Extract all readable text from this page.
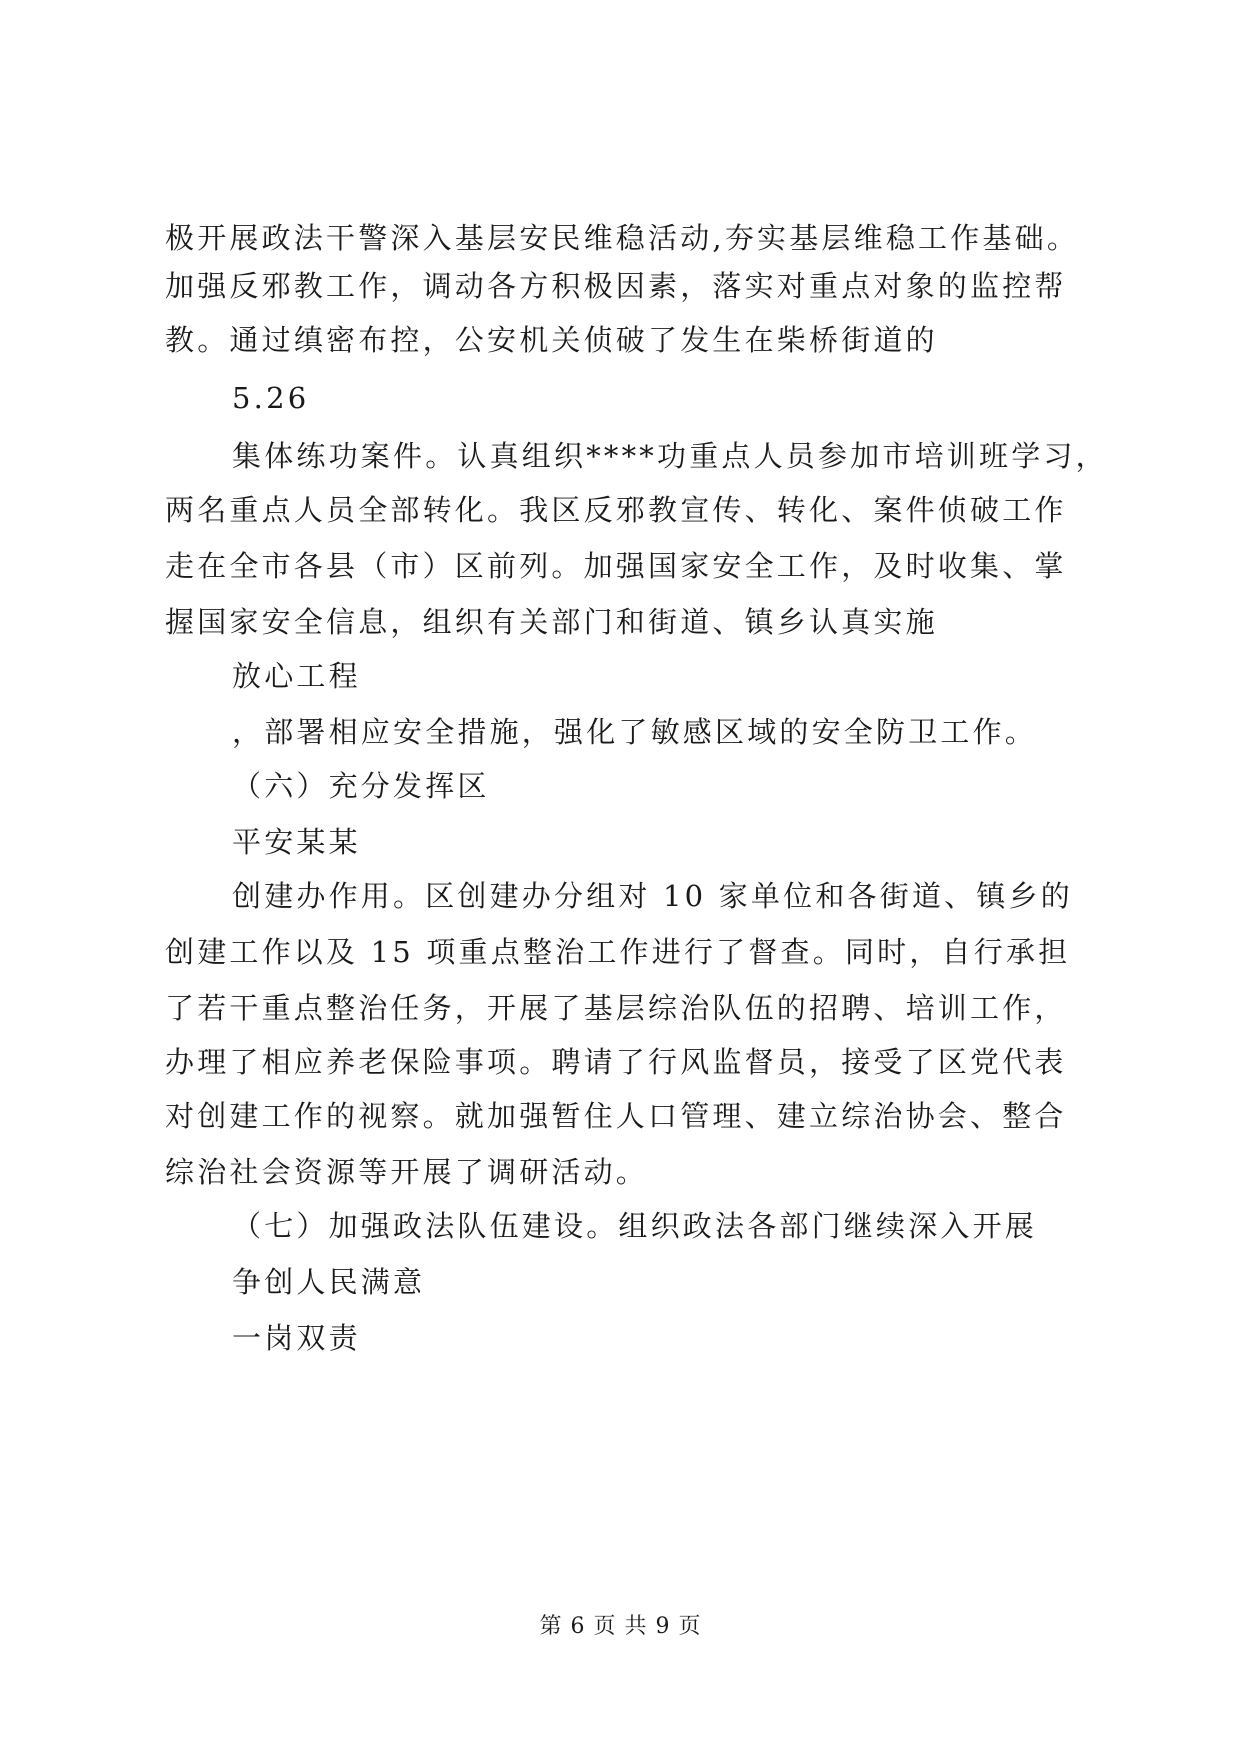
极开展政法干警深入基层安民维稳活动,夯实基层维稳工作基础。
加强反邪教工作，调动各方积极因素，落实对重点对象的监控帮
教。通过缜密布控，公安机关侦破了发生在柴桥街道的
5.26
集体练功案件。认真组织****功重点人员参加市培训班学习，
两名重点人员全部转化。我区反邪教宣传、转化、案件侦破工作
走在全市各县（市）区前列。加强国家安全工作，及时收集、掌
握国家安全信息，组织有关部门和街道、镇乡认真实施
放心工程
，部署相应安全措施，强化了敏感区域的安全防卫工作。
（六）充分发挥区
平安某某
创建办作用。区创建办分组对 10 家单位和各街道、镇乡的
创建工作以及 15 项重点整治工作进行了督查。同时，自行承担
了若干重点整治任务，开展了基层综治队伍的招聘、培训工作，
办理了相应养老保险事项。聘请了行风监督员，接受了区党代表
对创建工作的视察。就加强暂住人口管理、建立综治协会、整合
综治社会资源等开展了调研活动。
（七）加强政法队伍建设。组织政法各部门继续深入开展
争创人民满意
一岗双责
第 6 页 共 9 页
